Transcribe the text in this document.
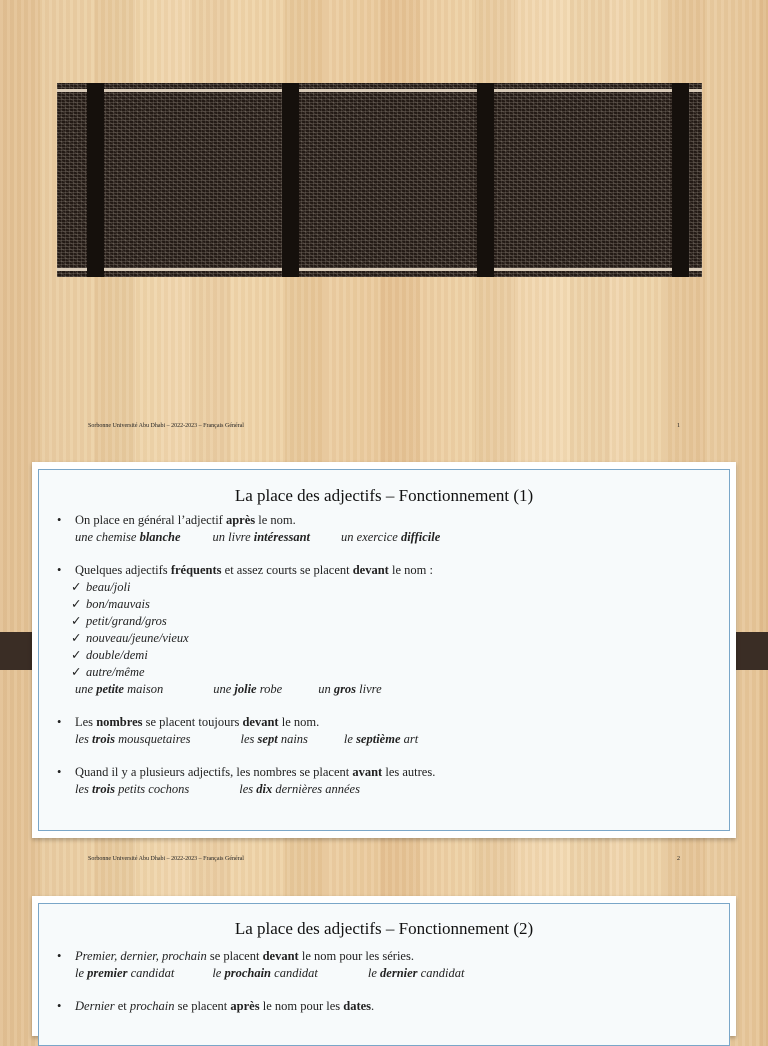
Sorbonne Université Abu Dhabi – 2022-2023 – Français Général	1
La place des adjectifs – Fonctionnement (1)
• On place en général l’adjectif après le nom.
une chemise blanche	un livre intéressant un exercice difficile
• Quelques adjectifs fréquents et assez courts se placent devant le nom :
✓ beau/joli
✓ bon/mauvais
✓ petit/grand/gros
✓ nouveau/jeune/vieux
✓ double/demi
✓ autre/même
une petite maison	une jolie robe	un gros livre
• Les nombres se placent toujours devant le nom.
les trois mousquetaires	les sept nains	le septième art
• Quand il y a plusieurs adjectifs, les nombres se placent avant les autres.
les trois petits cochons	les dix dernières années
Sorbonne Université Abu Dhabi – 2022-2023 – Français Général	2
La place des adjectifs – Fonctionnement (2)
• Premier, dernier, prochain se placent devant le nom pour les séries.
le premier candidat	le prochain candidat	le dernier candidat
• Dernier et prochain se placent après le nom pour les dates.
